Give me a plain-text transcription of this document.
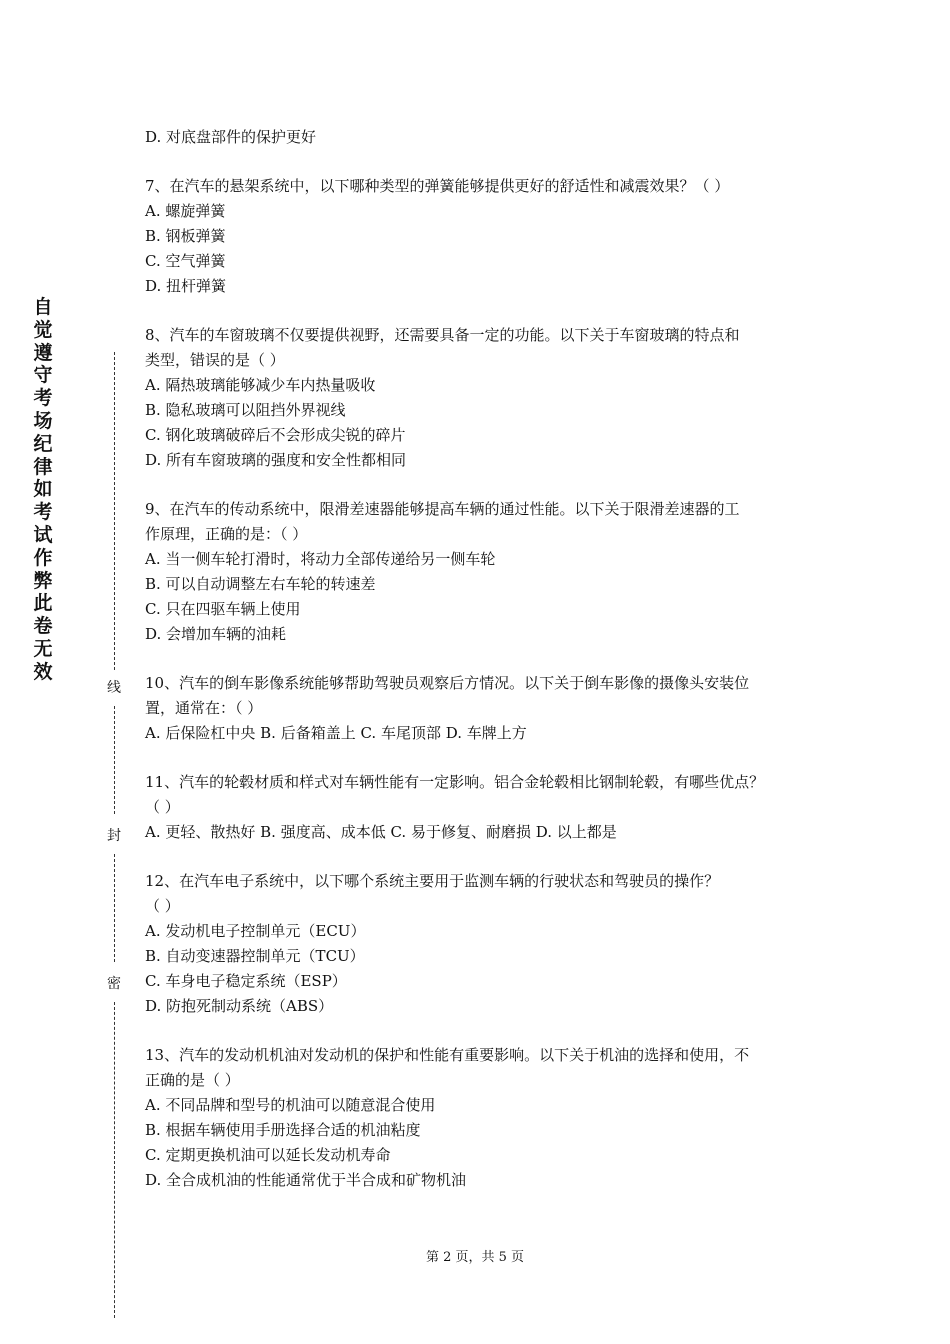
自觉遵守考场纪律如考试作弊此卷无效
线
封
密
D. 对底盘部件的保护更好
7、在汽车的悬架系统中，以下哪种类型的弹簧能够提供更好的舒适性和减震效果？（ ）
A. 螺旋弹簧
B. 钢板弹簧
C. 空气弹簧
D. 扭杆弹簧
8、汽车的车窗玻璃不仅要提供视野，还需要具备一定的功能。以下关于车窗玻璃的特点和
类型，错误的是（ ）
A. 隔热玻璃能够减少车内热量吸收
B. 隐私玻璃可以阻挡外界视线
C. 钢化玻璃破碎后不会形成尖锐的碎片
D. 所有车窗玻璃的强度和安全性都相同
9、在汽车的传动系统中，限滑差速器能够提高车辆的通过性能。以下关于限滑差速器的工
作原理，正确的是：（ ）
A. 当一侧车轮打滑时，将动力全部传递给另一侧车轮
B. 可以自动调整左右车轮的转速差
C. 只在四驱车辆上使用
D. 会增加车辆的油耗
10、汽车的倒车影像系统能够帮助驾驶员观察后方情况。以下关于倒车影像的摄像头安装位
置，通常在：（ ）
A. 后保险杠中央 B. 后备箱盖上 C. 车尾顶部 D. 车牌上方
11、汽车的轮毂材质和样式对车辆性能有一定影响。铝合金轮毂相比钢制轮毂，有哪些优点？
（ ）
A. 更轻、散热好 B. 强度高、成本低 C. 易于修复、耐磨损 D. 以上都是
12、在汽车电子系统中，以下哪个系统主要用于监测车辆的行驶状态和驾驶员的操作？
（ ）
A. 发动机电子控制单元（ECU）
B. 自动变速器控制单元（TCU）
C. 车身电子稳定系统（ESP）
D. 防抱死制动系统（ABS）
13、汽车的发动机机油对发动机的保护和性能有重要影响。以下关于机油的选择和使用，不
正确的是（ ）
A. 不同品牌和型号的机油可以随意混合使用
B. 根据车辆使用手册选择合适的机油粘度
C. 定期更换机油可以延长发动机寿命
D. 全合成机油的性能通常优于半合成和矿物机油
第 2 页，共 5 页
